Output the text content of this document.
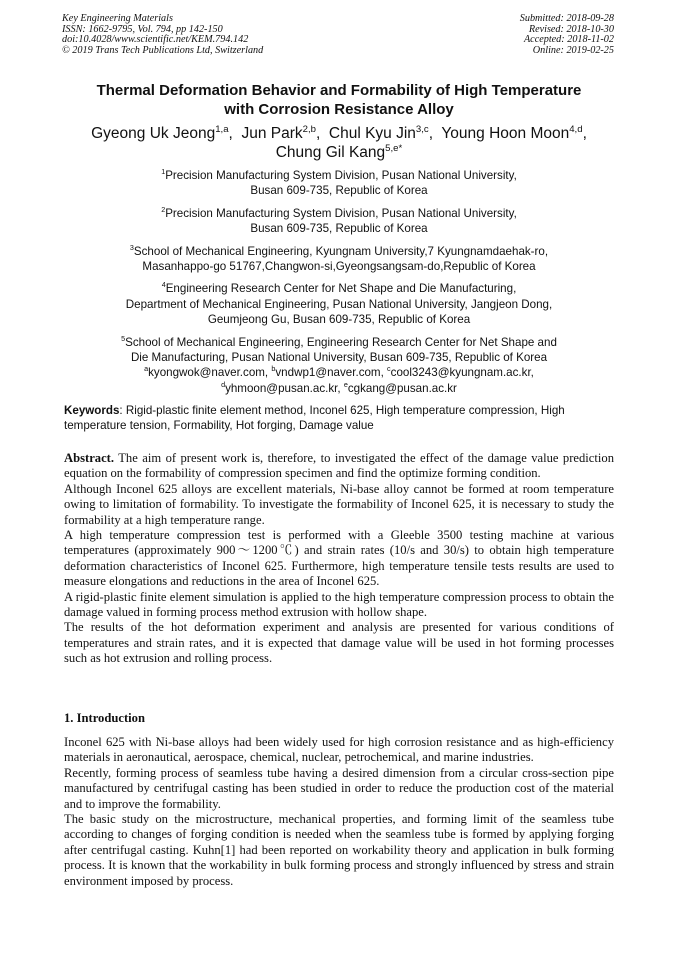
Key Engineering Materials
ISSN: 1662-9795, Vol. 794, pp 142-150
doi:10.4028/www.scientific.net/KEM.794.142
© 2019 Trans Tech Publications Ltd, Switzerland
Submitted: 2018-09-28
Revised: 2018-10-30
Accepted: 2018-11-02
Online: 2019-02-25
Thermal Deformation Behavior and Formability of High Temperature
with Corrosion Resistance Alloy
Gyeong Uk Jeong$^{1,a}$,  Jun Park$^{2,b}$,  Chul Kyu Jin$^{3,c}$,  Young Hoon Moon$^{4,d}$,
Chung Gil Kang$^{5,e*}$
$^1$Precision Manufacturing System Division, Pusan National University,
Busan 609-735, Republic of Korea
$^2$Precision Manufacturing System Division, Pusan National University,
Busan 609-735, Republic of Korea
$^3$School of Mechanical Engineering, Kyungnam University,7 Kyungnamdaehak-ro,
Masanhappo-go 51767,Changwon-si,Gyeongsangsam-do,Republic of Korea
$^4$Engineering Research Center for Net Shape and Die Manufacturing,
Department of Mechanical Engineering, Pusan National University, Jangjeon Dong,
Geumjeong Gu, Busan 609-735, Republic of Korea
$^5$School of Mechanical Engineering, Engineering Research Center for Net Shape and
Die Manufacturing, Pusan National University, Busan 609-735, Republic of Korea
$^a$kyongwok@naver.com, $^b$vndwp1@naver.com, $^c$cool3243@kyungnam.ac.kr,
$^d$yhmoon@pusan.ac.kr, $^e$cgkang@pusan.ac.kr
Keywords: Rigid-plastic finite element method, Inconel 625, High temperature compression, High temperature tension, Formability, Hot forging, Damage value

Abstract. The aim of present work is, therefore, to investigated the effect of the damage value prediction equation on the formability of compression specimen and find the optimize forming condition.

Although Inconel 625 alloys are excellent materials, Ni-base alloy cannot be formed at room temperature owing to limitation of formability. To investigate the formability of Inconel 625, it is necessary to study the formability at a high temperature range.

A high temperature compression test is performed with a Gleeble 3500 testing machine at various temperatures (approximately 900～1200℃) and strain rates (10/s and 30/s) to obtain high temperature deformation characteristics of Inconel 625. Furthermore, high temperature tensile tests results are used to measure elongations and reductions in the area of Inconel 625.

A rigid-plastic finite element simulation is applied to the high temperature compression process to obtain the damage valued in forming process method extrusion with hollow shape.

The results of the hot deformation experiment and analysis are presented for various conditions of temperatures and strain rates, and it is expected that damage value will be used in hot forming processes such as hot extrusion and rolling process.

1. Introduction

Inconel 625 with Ni-base alloys had been widely used for high corrosion resistance and as high-efficiency materials in aeronautical, aerospace, chemical, nuclear, petrochemical, and marine industries.

Recently, forming process of seamless tube having a desired dimension from a circular cross-section pipe manufactured by centrifugal casting has been studied in order to reduce the production cost of the material and to improve the formability.

The basic study on the microstructure, mechanical properties, and forming limit of the seamless tube according to changes of forging condition is needed when the seamless tube is formed by applying forging after centrifugal casting. Kuhn[1] had been reported on workability theory and application in bulk forming process. It is known that the workability in bulk forming process and strongly influenced by stress and strain environment imposed by process.
